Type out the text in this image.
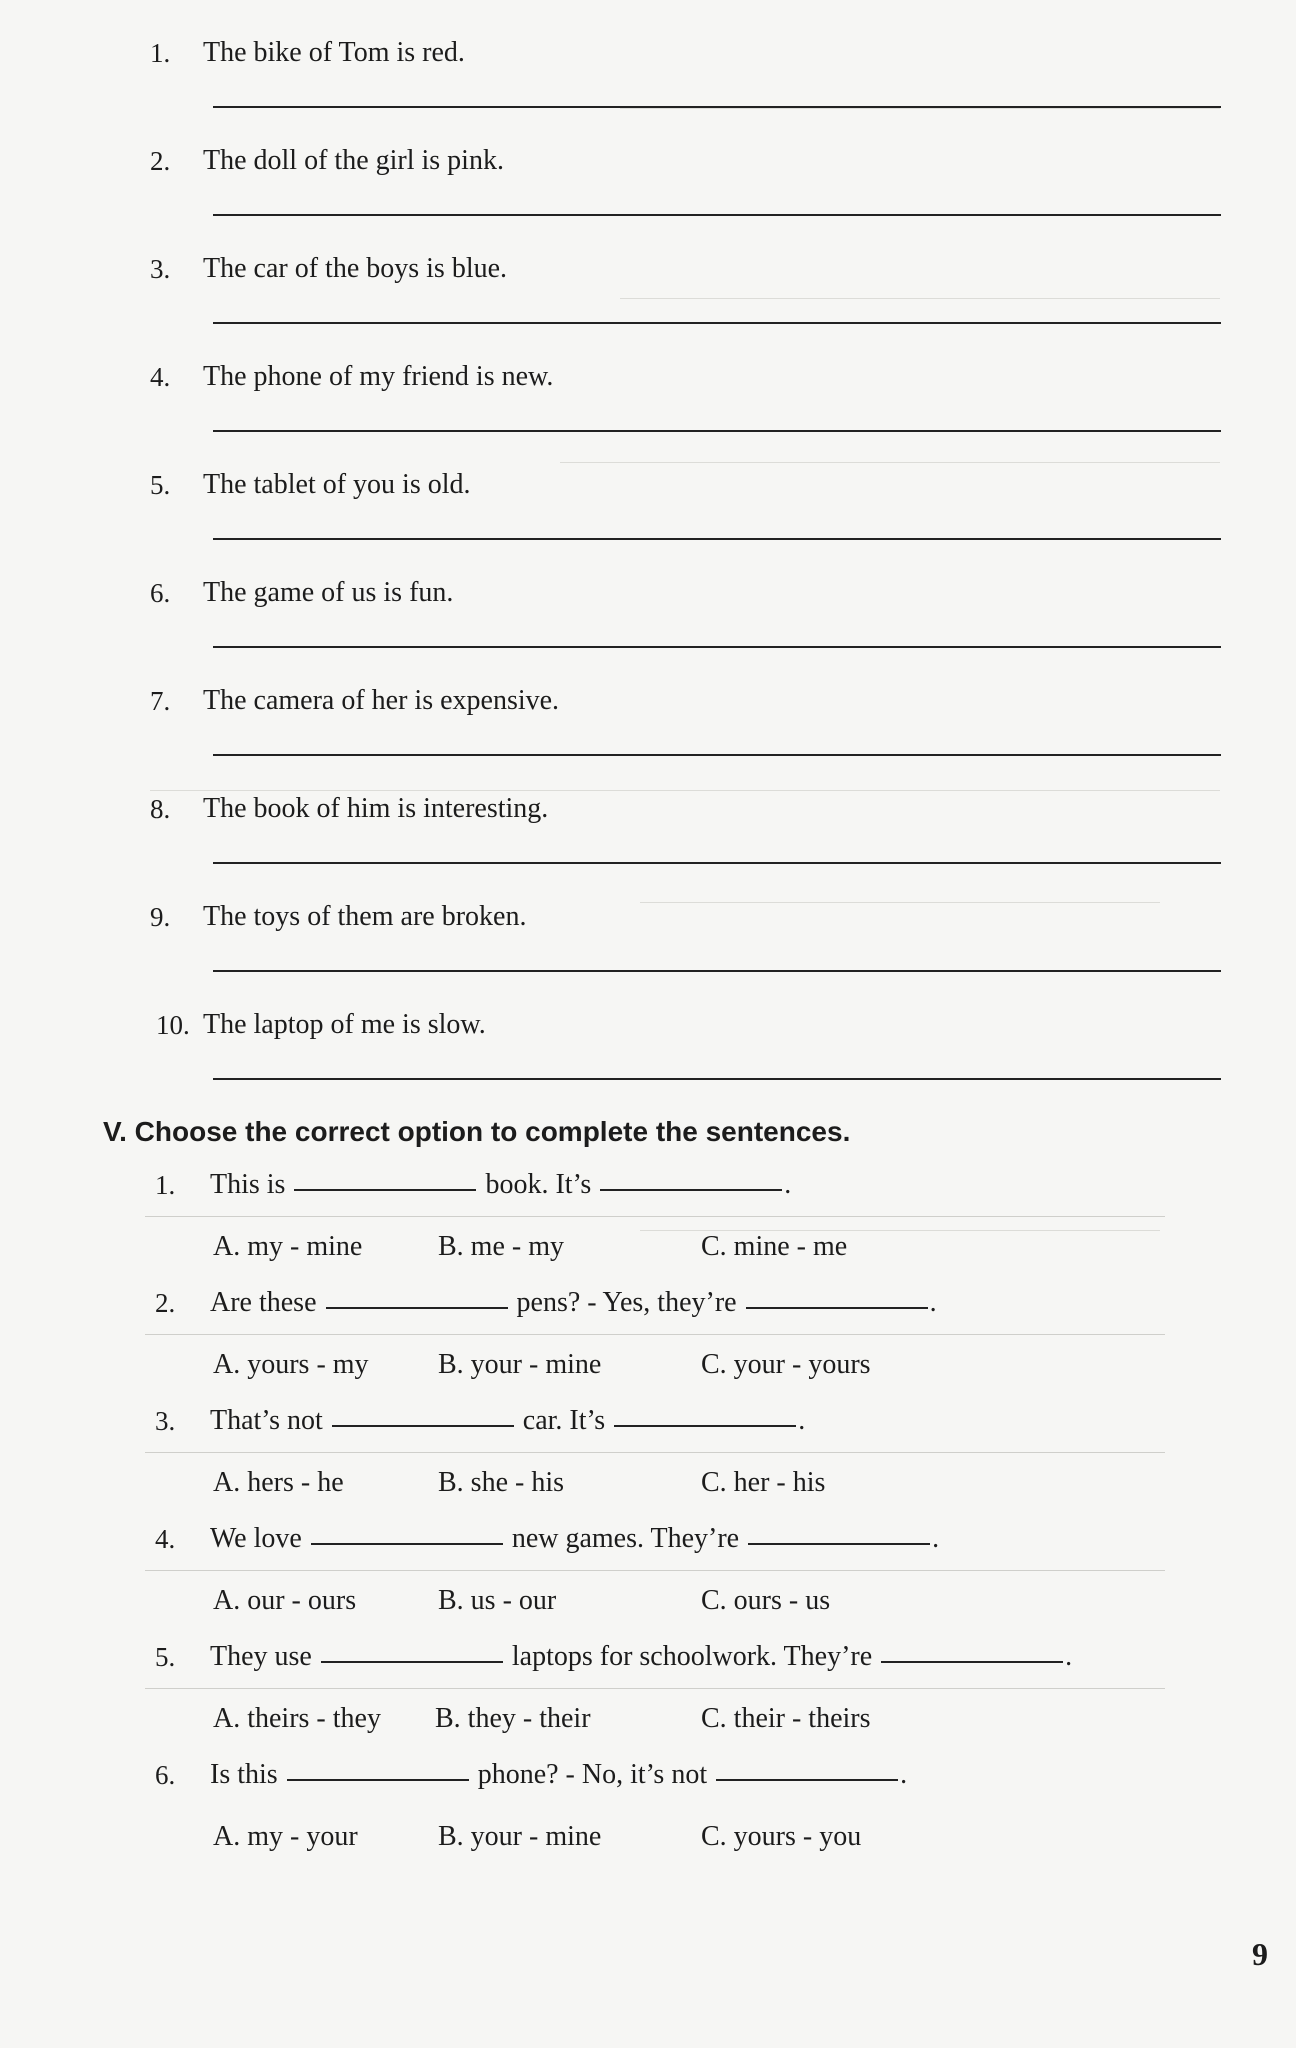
1.	The bike of Tom is red.
2.	The doll of the girl is pink.
3.	The car of the boys is blue.
4.	The phone of my friend is new.
5.	The tablet of you is old.
6.	The game of us is fun.
7.	The camera of her is expensive.
8.	The book of him is interesting.
9.	The toys of them are broken.
10. The laptop of me is slow.
V. Choose the correct option to complete the sentences.
1. This is	book. It’s	.
A. my - mine	B. me - my	C. mine - me
2. Are these	pens? - Yes, they’re	.
A. yours - my B. your - mine	C. your - yours
3. That’s not	car. It’s	.
A. hers - he	B. she - his	C. her - his
4. We love	new games. They’re	.
A. our - ours	B. us - our	C. ours - us
5. They use	laptops for schoolwork. They’re	.
A. theirs - they B. they - their	C. their - theirs
6. Is this	phone? - No, it’s not	.
A. my - your	B. your - mine	C. yours - you
9
